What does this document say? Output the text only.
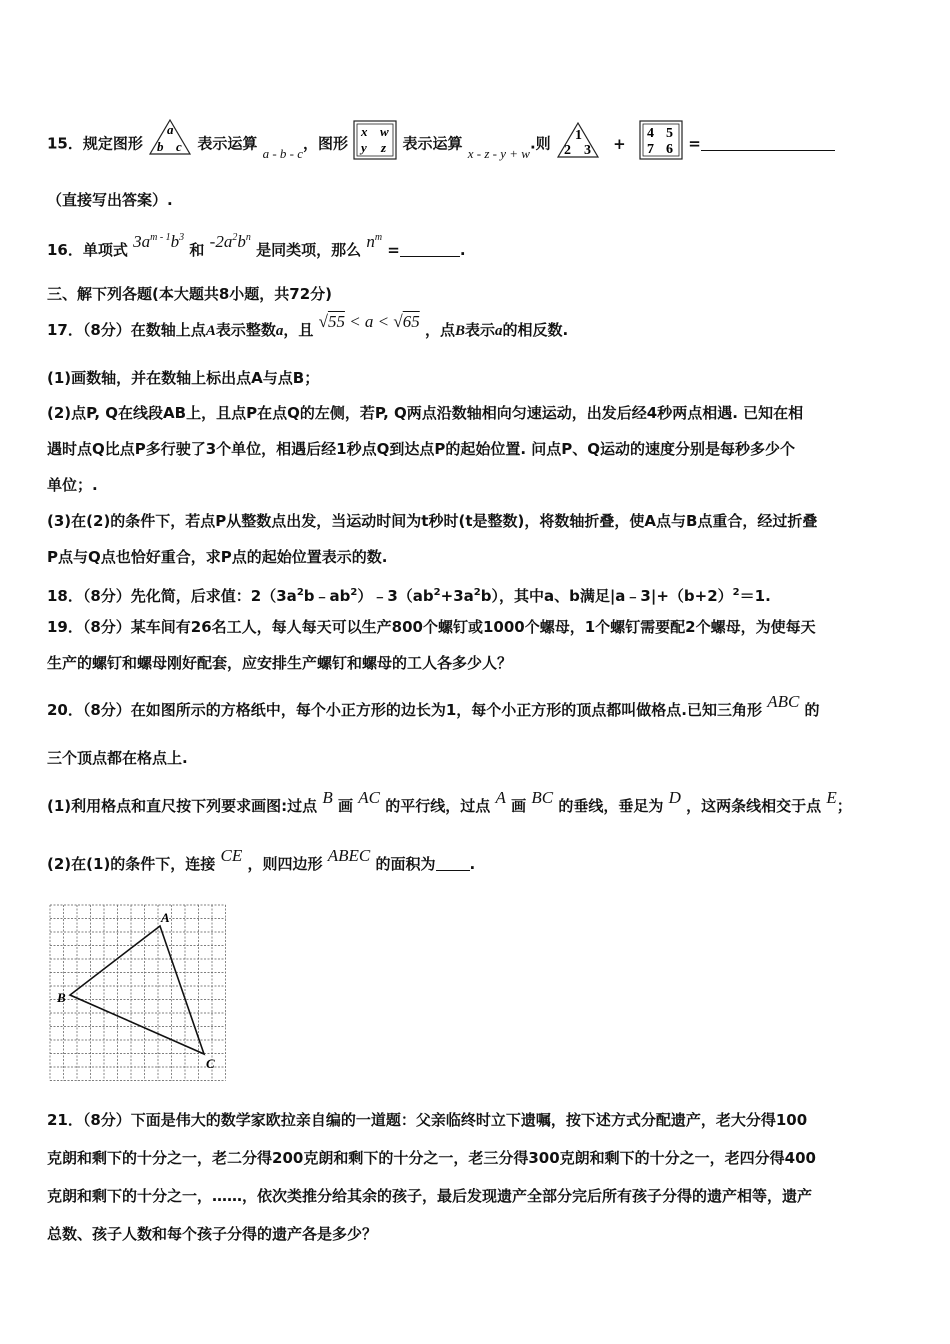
15．规定图形
a
b c 表示运算 a - b - c，图形
x w
y z 表示运算 x - z - y + w.则 1
2 3 +
4 5
7 6 =
（直接写出答案）.
16．单项式 $3a^{m - 1}b^3$ 和 $-2a^2b^n$ 是同类项，那么 $n^m$ =	.
三、解下列各题(本大题共8小题，共72分)
17．（8分）在数轴上点A表示整数a，且 √55 < a < √65 ，点B表示a的相反数.
(1)画数轴，并在数轴上标出点A与点B；
(2)点P, Q在线段AB上，且点P在点Q的左侧，若P, Q两点沿数轴相向匀速运动，出发后经4秒两点相遇. 已知在相
遇时点Q比点P多行驶了3个单位，相遇后经1秒点Q到达点P的起始位置. 问点P、Q运动的速度分别是每秒多少个
单位；.
(3)在(2)的条件下，若点P从整数点出发，当运动时间为t秒时(t是整数)，将数轴折叠，使A点与B点重合，经过折叠
P点与Q点也恰好重合，求P点的起始位置表示的数.
18．（8分）先化简，后求值：$2(3a^2b﹣ab^2)﹣3(ab^2+3a^2b)$，其中a、b满足$|a﹣3|+(b+2)^2=1$.
19．（8分）某车间有26名工人，每人每天可以生产800个螺钉或1000个螺母，1个螺钉需要配2个螺母，为使每天
生产的螺钉和螺母刚好配套，应安排生产螺钉和螺母的工人各多少人？
20．（8分）在如图所示的方格纸中，每个小正方形的边长为1，每个小正方形的顶点都叫做格点.已知三角形 ABC 的
三个顶点都在格点上.
(1)利用格点和直尺按下列要求画图:过点 B 画 AC 的平行线，过点 A 画 BC 的垂线，垂足为 D ，这两条线相交于点 E；
(2)在(1)的条件下，连接 CE ，则四边形 ABEC 的面积为 .
A
B
C
21．（8分）下面是伟大的数学家欧拉亲自编的一道题：父亲临终时立下遗嘱，按下述方式分配遗产，老大分得100
克朗和剩下的十分之一，老二分得200克朗和剩下的十分之一，老三分得300克朗和剩下的十分之一，老四分得400
克朗和剩下的十分之一，……，依次类推分给其余的孩子，最后发现遗产全部分完后所有孩子分得的遗产相等，遗产
总数、孩子人数和每个孩子分得的遗产各是多少？
